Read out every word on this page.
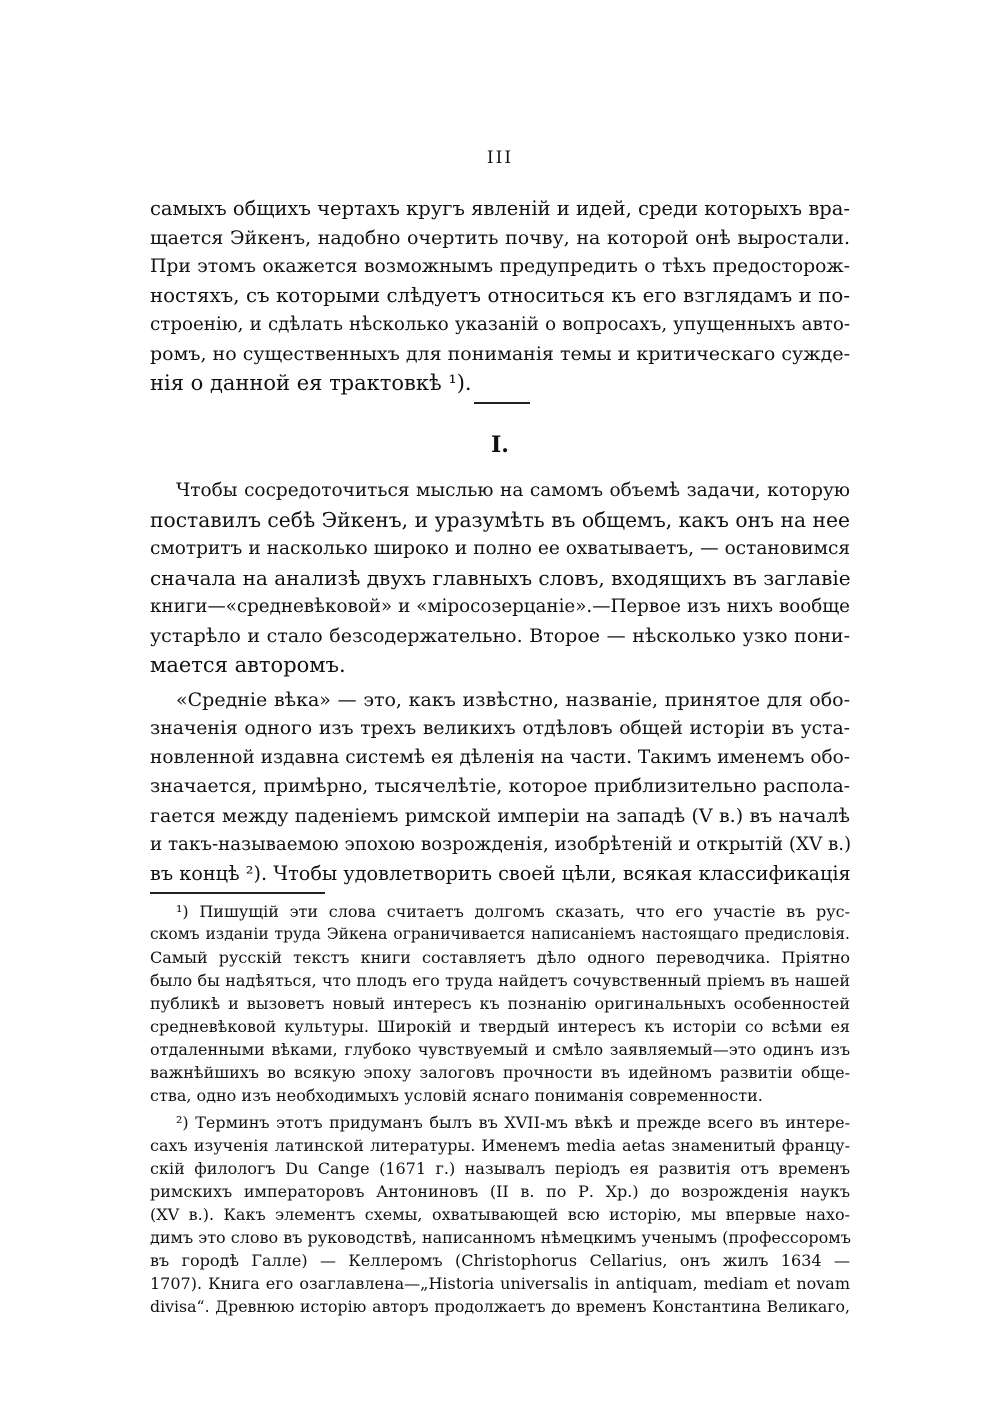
III
самыхъ общихъ чертахъ кругъ явленій и идей, среди которыхъ вра-
щается Эйкенъ, надобно очертить почву, на которой онѣ выростали.
При этомъ окажется возможнымъ предупредить о тѣхъ предосторож-
ностяхъ, съ которыми слѣдуетъ относиться къ его взглядамъ и по-
строенію, и сдѣлать нѣсколько указаній о вопросахъ, упущенныхъ авто-
ромъ, но существенныхъ для пониманія темы и критическаго сужде-
нія о данной ея трактовкѣ ¹).
I.
Чтобы сосредоточиться мыслью на самомъ объемѣ задачи, которую
поставилъ себѣ Эйкенъ, и уразумѣть въ общемъ, какъ онъ на нее
смотритъ и насколько широко и полно ее охватываетъ, — остановимся
сначала на анализѣ двухъ главныхъ словъ, входящихъ въ заглавіе
книги—«средневѣковой» и «міросозерцаніе».—Первое изъ нихъ вообще
устарѣло и стало безсодержательно. Второе — нѣсколько узко пони-
мается авторомъ.
«Средніе вѣка» — это, какъ извѣстно, названіе, принятое для обо-
значенія одного изъ трехъ великихъ отдѣловъ общей исторіи въ уста-
новленной издавна системѣ ея дѣленія на части. Такимъ именемъ обо-
значается, примѣрно, тысячелѣтіе, которое приблизительно распола-
гается между паденіемъ римской имперіи на западѣ (V в.) въ началѣ
и такъ-называемою эпохою возрожденія, изобрѣтеній и открытій (XV в.)
въ концѣ ²). Чтобы удовлетворить своей цѣли, всякая классификація
¹) Пишущій эти слова считаетъ долгомъ сказать, что его участіе въ рус-
скомъ изданіи труда Эйкена ограничивается написаніемъ настоящаго предисловія.
Самый русскій текстъ книги составляетъ дѣло одного переводчика. Пріятно
было бы надѣяться, что плодъ его труда найдетъ сочувственный пріемъ въ нашей
публикѣ и вызоветъ новый интересъ къ познанію оригинальныхъ особенностей
средневѣковой культуры. Широкій и твердый интересъ къ исторіи со всѣми ея
отдаленными вѣками, глубоко чувствуемый и смѣло заявляемый—это одинъ изъ
важнѣйшихъ во всякую эпоху залоговъ прочности въ идейномъ развитіи обще-
ства, одно изъ необходимыхъ условій яснаго пониманія современности.
²) Терминъ этотъ придуманъ былъ въ XVII-мъ вѣкѣ и прежде всего въ интере-
сахъ изученія латинской литературы. Именемъ media aetas знаменитый францу-
скій филологъ Du Cange (1671 г.) называлъ періодъ ея развитія отъ временъ
римскихъ императоровъ Антониновъ (II в. по Р. Хр.) до возрожденія наукъ
(XV в.). Какъ элементъ схемы, охватывающей всю исторію, мы впервые нахо-
димъ это слово въ руководствѣ, написанномъ нѣмецкимъ ученымъ (профессоромъ
въ городѣ Галле) — Келлеромъ (Christophorus Cellarius, онъ жилъ 1634 —
1707). Книга его озаглавлена—„Historia universalis in antiquam, mediam et novam
divisa“. Древнюю исторію авторъ продолжаетъ до временъ Константина Великаго,
